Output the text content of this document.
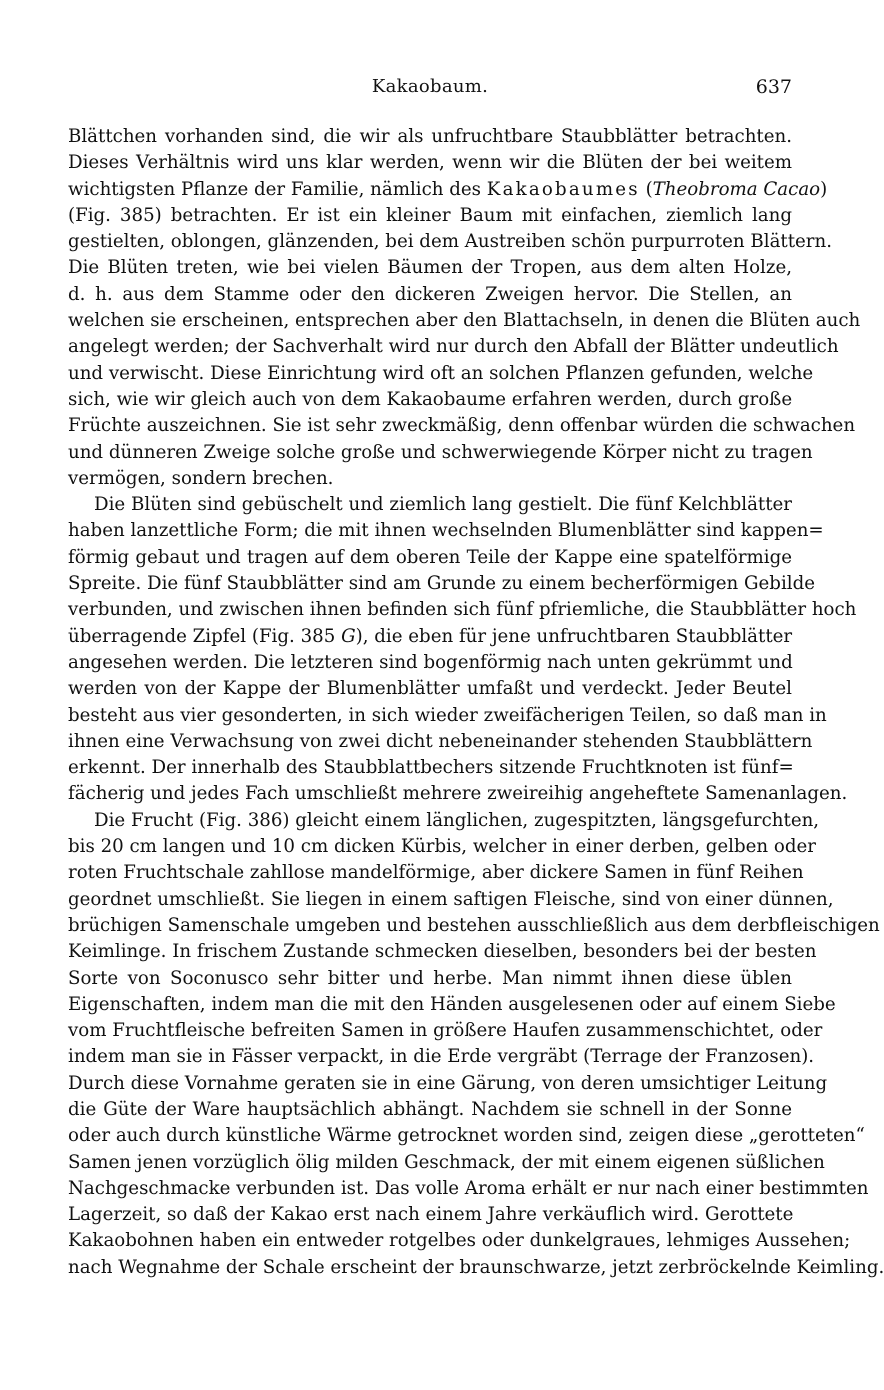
Kakaobaum.	637
Blättchen vorhanden sind, die wir als unfruchtbare Staubblätter betrachten.
Dieses Verhältnis wird uns klar werden, wenn wir die Blüten der bei weitem
wichtigsten Pflanze der Familie, nämlich des Kakaobaumes (Theobroma Cacao)
(Fig. 385) betrachten. Er ist ein kleiner Baum mit einfachen, ziemlich lang
gestielten, oblongen, glänzenden, bei dem Austreiben schön purpurroten Blättern.
Die Blüten treten, wie bei vielen Bäumen der Tropen, aus dem alten Holze,
d. h. aus dem Stamme oder den dickeren Zweigen hervor. Die Stellen, an
welchen sie erscheinen, entsprechen aber den Blattachseln, in denen die Blüten auch
angelegt werden; der Sachverhalt wird nur durch den Abfall der Blätter undeutlich
und verwischt. Diese Einrichtung wird oft an solchen Pflanzen gefunden, welche
sich, wie wir gleich auch von dem Kakaobaume erfahren werden, durch große
Früchte auszeichnen. Sie ist sehr zweckmäßig, denn offenbar würden die schwachen
und dünneren Zweige solche große und schwerwiegende Körper nicht zu tragen
vermögen, sondern brechen.
Die Blüten sind gebüschelt und ziemlich lang gestielt. Die fünf Kelchblätter
haben lanzettliche Form; die mit ihnen wechselnden Blumenblätter sind kappen=
förmig gebaut und tragen auf dem oberen Teile der Kappe eine spatelförmige
Spreite. Die fünf Staubblätter sind am Grunde zu einem becherförmigen Gebilde
verbunden, und zwischen ihnen befinden sich fünf pfriemliche, die Staubblätter hoch
überragende Zipfel (Fig. 385 G), die eben für jene unfruchtbaren Staubblätter
angesehen werden. Die letzteren sind bogenförmig nach unten gekrümmt und
werden von der Kappe der Blumenblätter umfaßt und verdeckt. Jeder Beutel
besteht aus vier gesonderten, in sich wieder zweifächerigen Teilen, so daß man in
ihnen eine Verwachsung von zwei dicht nebeneinander stehenden Staubblättern
erkennt. Der innerhalb des Staubblattbechers sitzende Fruchtknoten ist fünf=
fächerig und jedes Fach umschließt mehrere zweireihig angeheftete Samenanlagen.
Die Frucht (Fig. 386) gleicht einem länglichen, zugespitzten, längsgefurchten,
bis 20 cm langen und 10 cm dicken Kürbis, welcher in einer derben, gelben oder
roten Fruchtschale zahllose mandelförmige, aber dickere Samen in fünf Reihen
geordnet umschließt. Sie liegen in einem saftigen Fleische, sind von einer dünnen,
brüchigen Samenschale umgeben und bestehen ausschließlich aus dem derbfleischigen
Keimlinge. In frischem Zustande schmecken dieselben, besonders bei der besten
Sorte von Soconusco sehr bitter und herbe. Man nimmt ihnen diese üblen
Eigenschaften, indem man die mit den Händen ausgelesenen oder auf einem Siebe
vom Fruchtfleische befreiten Samen in größere Haufen zusammenschichtet, oder
indem man sie in Fässer verpackt, in die Erde vergräbt (Terrage der Franzosen).
Durch diese Vornahme geraten sie in eine Gärung, von deren umsichtiger Leitung
die Güte der Ware hauptsächlich abhängt. Nachdem sie schnell in der Sonne
oder auch durch künstliche Wärme getrocknet worden sind, zeigen diese „gerotteten“
Samen jenen vorzüglich ölig milden Geschmack, der mit einem eigenen süßlichen
Nachgeschmacke verbunden ist. Das volle Aroma erhält er nur nach einer bestimmten
Lagerzeit, so daß der Kakao erst nach einem Jahre verkäuflich wird. Gerottete
Kakaobohnen haben ein entweder rotgelbes oder dunkelgraues, lehmiges Aussehen;
nach Wegnahme der Schale erscheint der braunschwarze, jetzt zerbröckelnde Keimling.
